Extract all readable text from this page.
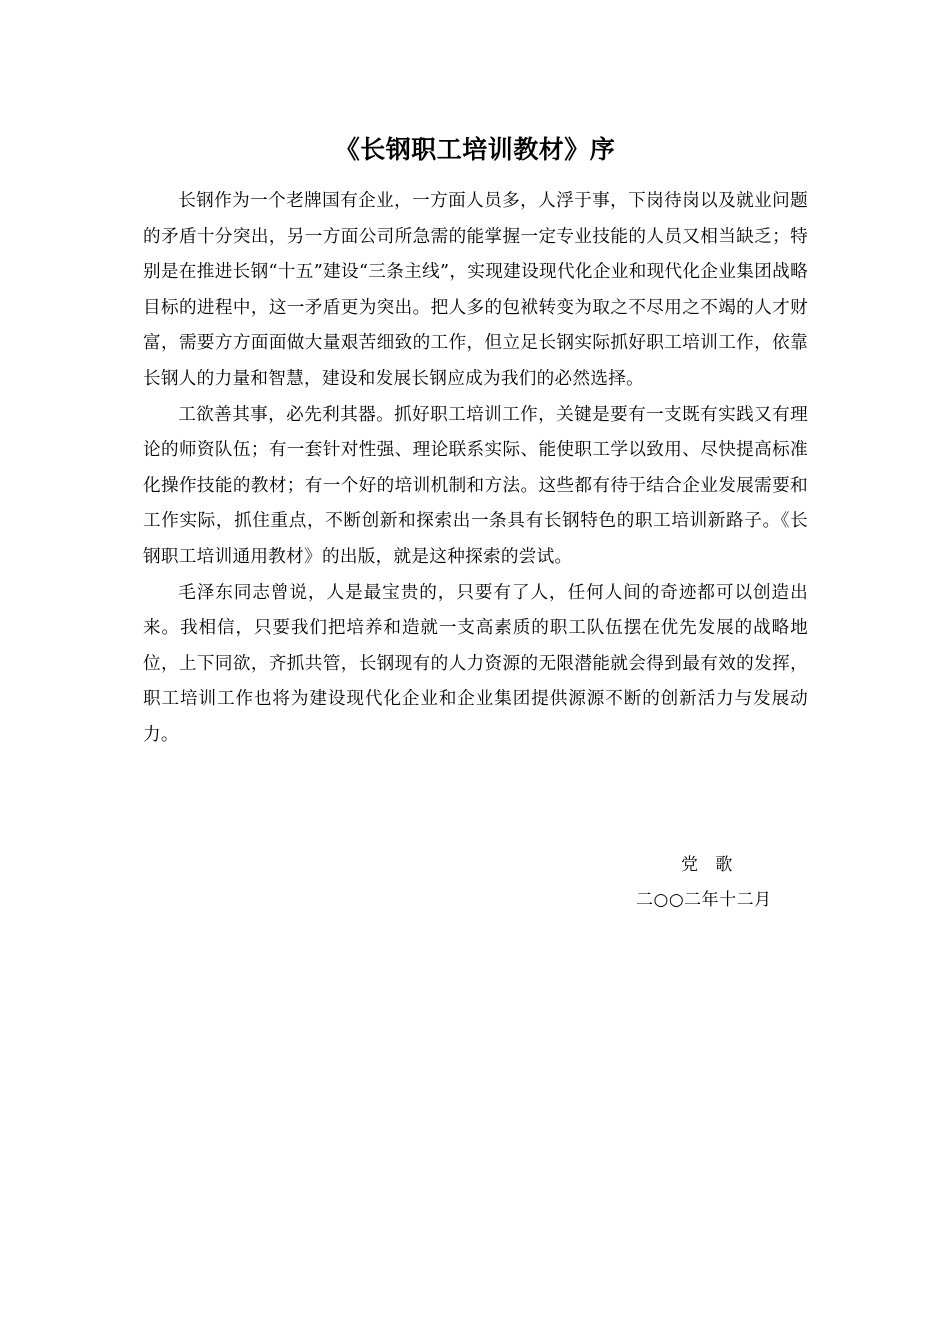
《长钢职工培训教材》序

长钢作为一个老牌国有企业，一方面人员多，人浮于事，下岗待岗以及就业问题的矛盾十分突出，另一方面公司所急需的能掌握一定专业技能的人员又相当缺乏；特别是在推进长钢“十五”建设“三条主线”，实现建设现代化企业和现代化企业集团战略目标的进程中，这一矛盾更为突出。把人多的包袱转变为取之不尽用之不竭的人才财富，需要方方面面做大量艰苦细致的工作，但立足长钢实际抓好职工培训工作，依靠长钢人的力量和智慧，建设和发展长钢应成为我们的必然选择。

工欲善其事，必先利其器。抓好职工培训工作，关键是要有一支既有实践又有理论的师资队伍；有一套针对性强、理论联系实际、能使职工学以致用、尽快提高标准化操作技能的教材；有一个好的培训机制和方法。这些都有待于结合企业发展需要和工作实际，抓住重点，不断创新和探索出一条具有长钢特色的职工培训新路子。《长钢职工培训通用教材》的出版，就是这种探索的尝试。

毛泽东同志曾说，人是最宝贵的，只要有了人，任何人间的奇迹都可以创造出来。我相信，只要我们把培养和造就一支高素质的职工队伍摆在优先发展的战略地位，上下同欲，齐抓共管，长钢现有的人力资源的无限潜能就会得到最有效的发挥，职工培训工作也将为建设现代化企业和企业集团提供源源不断的创新活力与发展动力。

党 歌
二○○二年十二月
